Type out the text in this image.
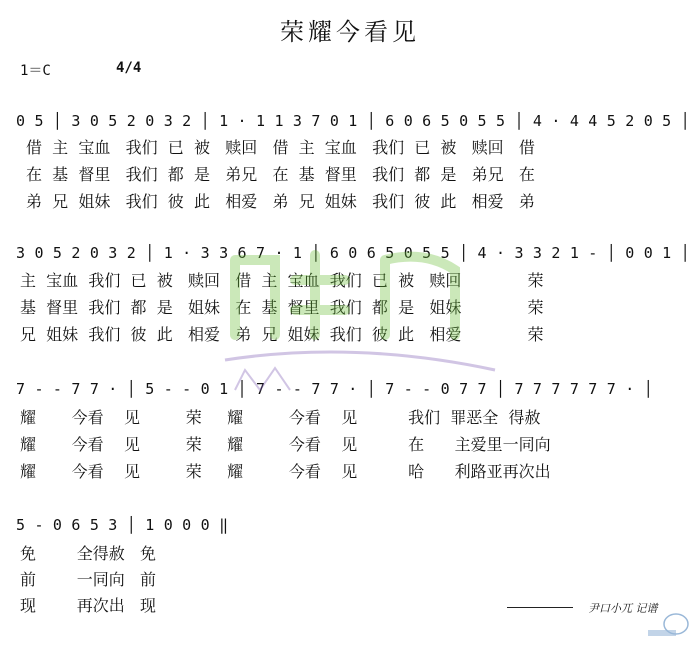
荣耀今看见
1＝C	4/4
0 5 │ 3 0 5 2 0 3 2 │ 1 · 1 1 3 7 0 1 │ 6 0 6 5 0 5 5 │ 4 · 4 4 5 2 0 5 │
借  主  宝血   我们  已  被   赎回   借  主  宝血   我们  已  被   赎回   借
在  基  督里   我们  都  是   弟兄   在  基  督里   我们  都  是   弟兄   在
弟  兄  姐妹   我们  彼  此   相爱   弟  兄  姐妹   我们  彼  此   相爱   弟
3 0 5 2 0 3 2 │ 1 · 3 3 6 7 · 1 │ 6 0 6 5 0 5 5 │ 4 · 3 3 2 1 - │ 0 0 1 │
主  宝血  我们  已  被   赎回   借  主  宝血  我们  已  被   赎回             荣
基  督里  我们  都  是   姐妹   在  基  督里  我们  都  是   姐妹             荣
兄  姐妹  我们  彼  此   相爱   弟  兄  姐妹  我们  彼  此   相爱             荣
7 - - 7 7 · │ 5 - - 0 1 │ 7 - - 7 7 · │ 7 - - 0 7 7 │ 7 7 7 7 7 7 · │
耀       今看    见         荣     耀         今看    见          我们  罪恶全  得赦
耀       今看    见         荣     耀         今看    见          在      主爱里一同向
耀       今看    见         荣     耀         今看    见          哈      利路亚再次出
5 - 0 6 5 3 │ 1 0 0 0 ‖
免        全得赦   免
前        一同向   前
现        再次出   现	尹口小兀 记谱
